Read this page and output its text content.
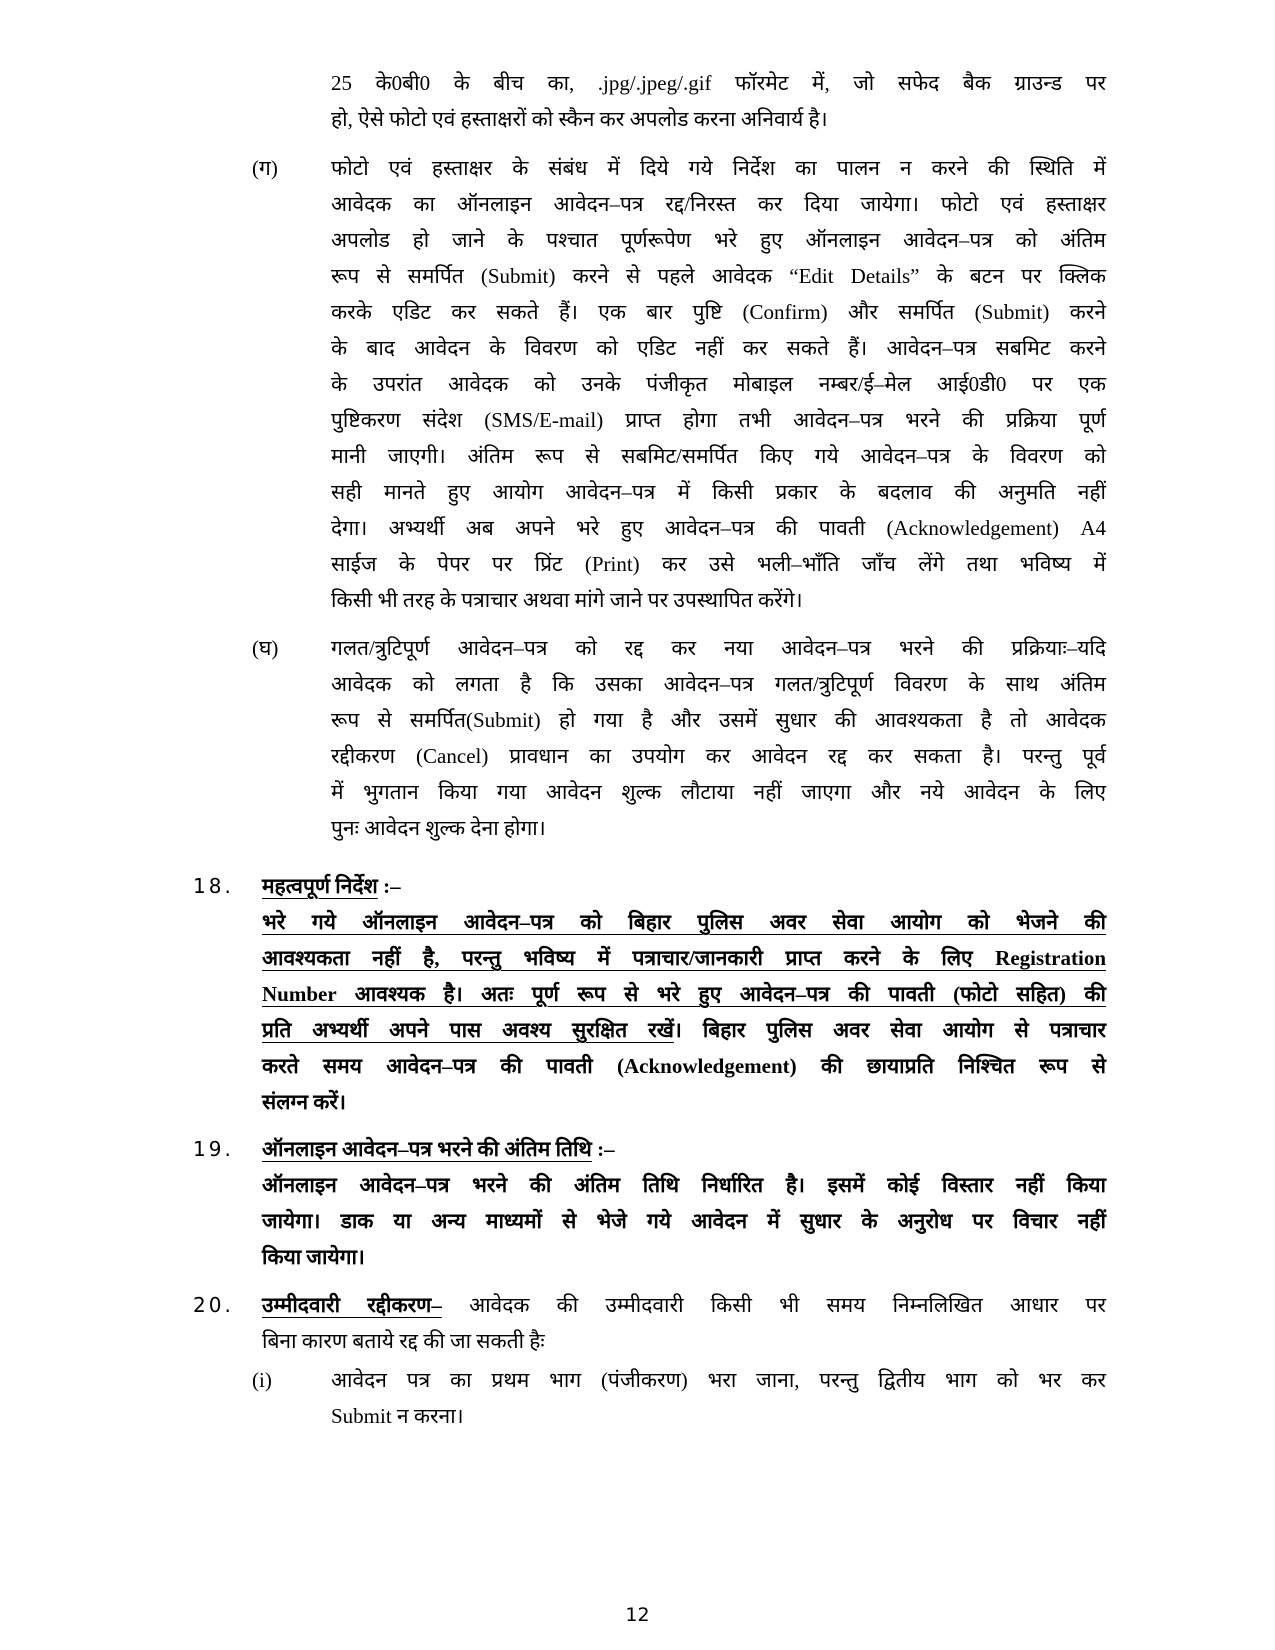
25 के0बी0 के बीच का, .jpg/.jpeg/.gif फॉरमेट में, जो सफेद बैक ग्राउन्ड पर
हो, ऐसे फोटो एवं हस्ताक्षरों को स्कैन कर अपलोड करना अनिवार्य है।
(ग)	फोटो एवं हस्ताक्षर के संबंध में दिये गये निर्देश का पालन न करने की स्थिति में
आवेदक का ऑनलाइन आवेदन–पत्र रद्द/निरस्त कर दिया जायेगा। फोटो एवं हस्ताक्षर
अपलोड हो जाने के पश्चात पूर्णरूपेण भरे हुए ऑनलाइन आवेदन–पत्र को अंतिम
रूप से समर्पित (Submit) करने से पहले आवेदक “Edit Details” के बटन पर क्लिक
करके एडिट कर सकते हैं। एक बार पुष्टि (Confirm) और समर्पित (Submit) करने
के बाद आवेदन के विवरण को एडिट नहीं कर सकते हैं। आवेदन–पत्र सबमिट करने
के उपरांत आवेदक को उनके पंजीकृत मोबाइल नम्बर/ई–मेल आई0डी0 पर एक
पुष्टिकरण संदेश (SMS/E-mail) प्राप्त होगा तभी आवेदन–पत्र भरने की प्रक्रिया पूर्ण
मानी जाएगी। अंतिम रूप से सबमिट/समर्पित किए गये आवेदन–पत्र के विवरण को
सही मानते हुए आयोग आवेदन–पत्र में किसी प्रकार के बदलाव की अनुमति नहीं
देगा। अभ्यर्थी अब अपने भरे हुए आवेदन–पत्र की पावती (Acknowledgement) A4
साईज के पेपर पर प्रिंट (Print) कर उसे भली–भॉंति जॉंच लेंगे तथा भविष्य में
किसी भी तरह के पत्राचार अथवा मांगे जाने पर उपस्थापित करेंगे।
(घ)	गलत/त्रुटिपूर्ण आवेदन–पत्र को रद्द कर नया आवेदन–पत्र भरने की प्रक्रियाः–यदि
आवेदक को लगता है कि उसका आवेदन–पत्र गलत/त्रुटिपूर्ण विवरण के साथ अंतिम
रूप से समर्पित(Submit) हो गया है और उसमें सुधार की आवश्यकता है तो आवेदक
रद्दीकरण (Cancel) प्रावधान का उपयोग कर आवेदन रद्द कर सकता है। परन्तु पूर्व
में भुगतान किया गया आवेदन शुल्क लौटाया नहीं जाएगा और नये आवेदन के लिए
पुनः आवेदन शुल्क देना होगा।
18. महत्वपूर्ण निर्देश :–
भरे गये ऑनलाइन आवेदन–पत्र को बिहार पुलिस अवर सेवा आयोग को भेजने की
आवश्यकता नहीं है, परन्तु भविष्य में पत्राचार/जानकारी प्राप्त करने के लिए Registration
Number आवश्यक है। अतः पूर्ण रूप से भरे हुए आवेदन–पत्र की पावती (फोटो सहित) की
प्रति अभ्यर्थी अपने पास अवश्य सुरक्षित रखें। बिहार पुलिस अवर सेवा आयोग से पत्राचार
करते समय आवेदन–पत्र की पावती (Acknowledgement) की छायाप्रति निश्चित रूप से
संलग्न करें।
19. ऑनलाइन आवेदन–पत्र भरने की अंतिम तिथि :–
ऑनलाइन आवेदन–पत्र भरने की अंतिम तिथि निर्धारित है। इसमें कोई विस्तार नहीं किया
जायेगा। डाक या अन्य माध्यमों से भेजे गये आवेदन में सुधार के अनुरोध पर विचार नहीं
किया जायेगा।
20. उम्मीदवारी रद्दीकरण– आवेदक की उम्मीदवारी किसी भी समय निम्नलिखित आधार पर
बिना कारण बताये रद्द की जा सकती हैः
(i)	आवेदन पत्र का प्रथम भाग (पंजीकरण) भरा जाना, परन्तु द्वितीय भाग को भर कर
Submit न करना।
12
